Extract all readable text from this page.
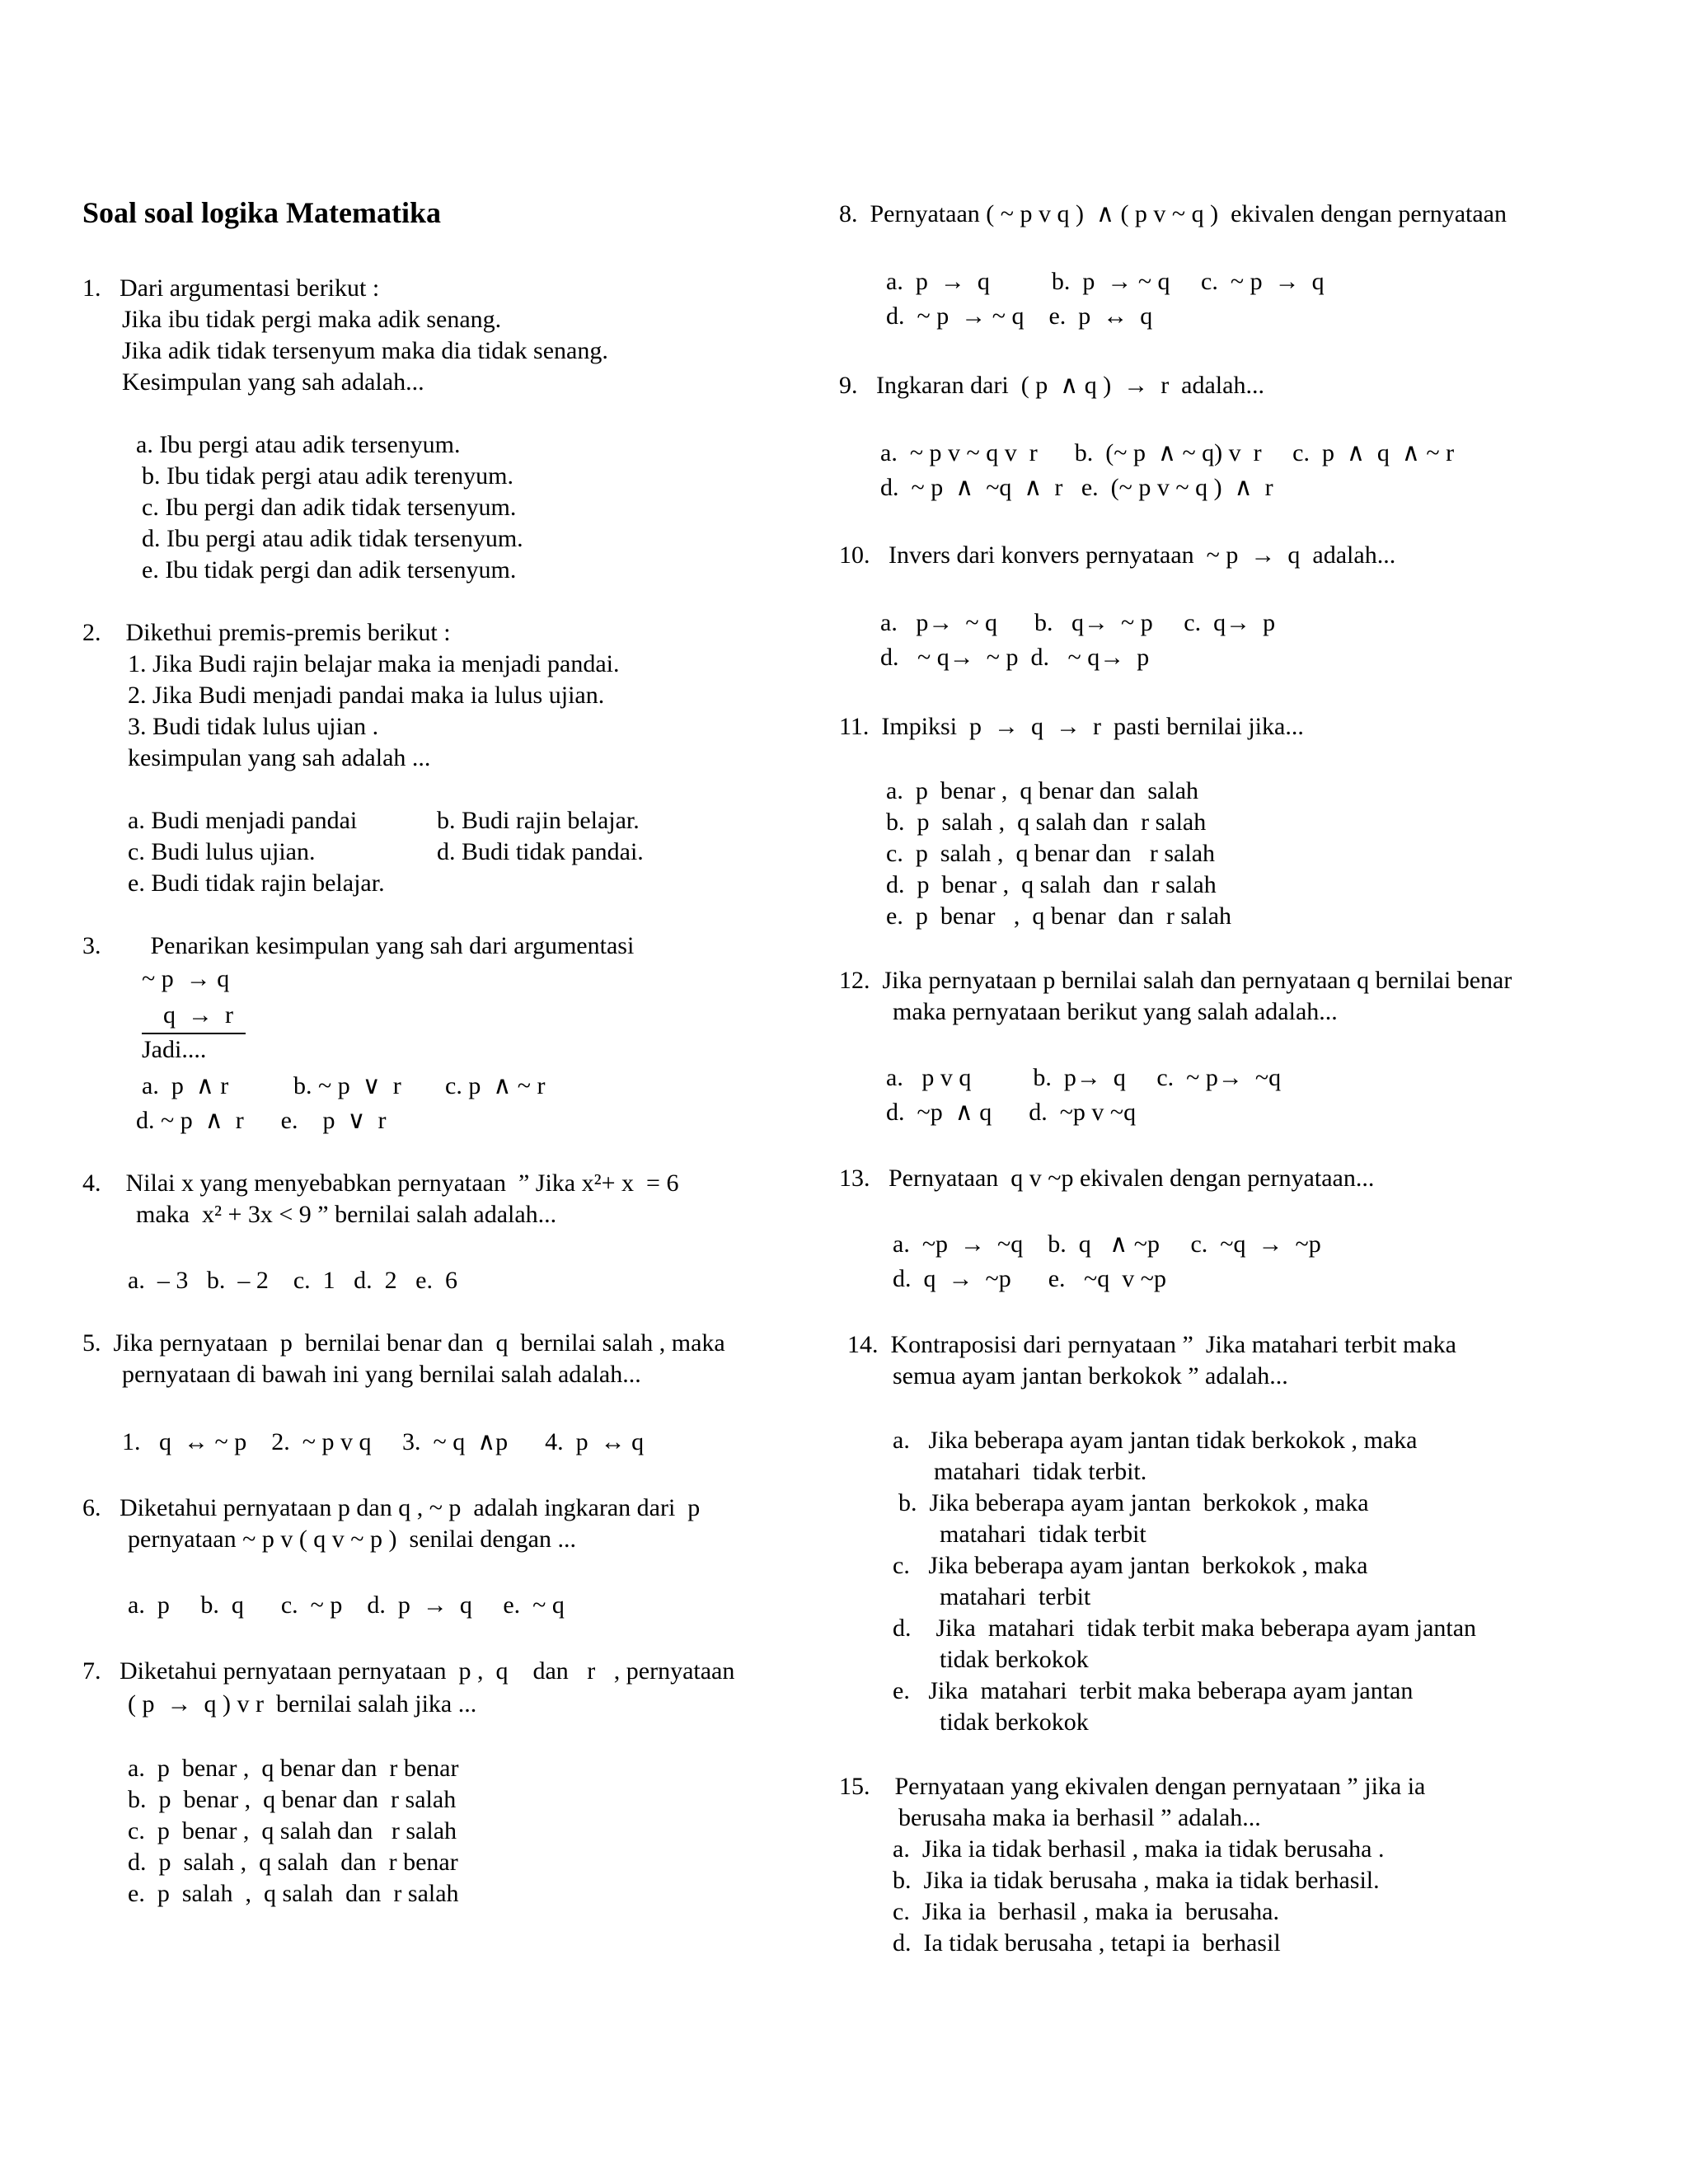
Soal soal logika Matematika
1.   Dari argumentasi berikut :
Jika ibu tidak pergi maka adik senang.
Jika adik tidak tersenyum maka dia tidak senang.
Kesimpulan yang sah adalah...
a. Ibu pergi atau adik tersenyum.
b. Ibu tidak pergi atau adik terenyum.
c. Ibu pergi dan adik tidak tersenyum.
d. Ibu pergi atau adik tidak tersenyum.
e. Ibu tidak pergi dan adik tersenyum.
2.    Dikethui premis-premis berikut :
1. Jika Budi rajin belajar maka ia menjadi pandai.
2. Jika Budi menjadi pandai maka ia lulus ujian.
3. Budi tidak lulus ujian .
kesimpulan yang sah adalah ...
a. Budi menjadi pandai	b. Budi rajin belajar.
c. Budi lulus ujian.	d. Budi tidak pandai.
e. Budi tidak rajin belajar.
3.        Penarikan kesimpulan yang sah dari argumentasi
~ p  → q
q  →  r
Jadi....
a.  p  ∧ r	b. ~ p  ∨  r c. p  ∧ ~ r
d. ~ p  ∧  r      e.    p  ∨  r
4.    Nilai x yang menyebabkan pernyataan  ” Jika x²+ x  = 6
maka  x² + 3x < 9 ” bernilai salah adalah...
a.  – 3   b.  – 2    c.  1   d.  2   e.  6
5.  Jika pernyataan  p  bernilai benar dan  q  bernilai salah , maka
pernyataan di bawah ini yang bernilai salah adalah...
1.   q  ↔ ~ p    2.  ~ p v q     3.  ~ q  ∧p      4.  p  ↔ q
6.   Diketahui pernyataan p dan q , ~ p  adalah ingkaran dari  p
pernyataan ~ p v ( q v ~ p )  senilai dengan ...
a.  p     b.  q      c.  ~ p    d.  p  →  q     e.  ~ q
7.   Diketahui pernyataan pernyataan  p ,  q    dan   r   , pernyataan
( p  →  q ) v r  bernilai salah jika ...
a.  p  benar ,  q benar dan  r benar
b.  p  benar ,  q benar dan  r salah
c.  p  benar ,  q salah dan   r salah
d.  p  salah ,  q salah  dan  r benar
e.  p  salah  ,  q salah  dan  r salah
8.  Pernyataan ( ~ p v q )  ∧ ( p v ~ q )  ekivalen dengan pernyataan
a.  p  →  q          b.  p  → ~ q     c.  ~ p  →  q
d.  ~ p  → ~ q    e.  p  ↔  q
9.   Ingkaran dari  ( p  ∧ q )  →  r  adalah...
a.  ~ p v ~ q v  r      b.  (~ p  ∧ ~ q) v  r     c.  p  ∧  q  ∧ ~ r
d.  ~ p  ∧  ~q  ∧  r   e.  (~ p v ~ q )  ∧  r
10.   Invers dari konvers pernyataan  ~ p  →  q  adalah...
a.   p→  ~ q      b.   q→  ~ p     c.  q→  p
d.   ~ q→  ~ p  d.   ~ q→  p
11.  Impiksi  p  →  q  →  r  pasti bernilai jika...
a.  p  benar ,  q benar dan  salah
b.  p  salah ,  q salah dan  r salah
c.  p  salah ,  q benar dan   r salah
d.  p  benar ,  q salah  dan  r salah
e.  p  benar   ,  q benar  dan  r salah
12.  Jika pernyataan p bernilai salah dan pernyataan q bernilai benar
maka pernyataan berikut yang salah adalah...
a.   p v q          b.  p→  q     c.  ~ p→  ~q
d.  ~p  ∧ q      d.  ~p v ~q
13.   Pernyataan  q v ~p ekivalen dengan pernyataan...
a.  ~p  →  ~q    b.  q   ∧ ~p     c.  ~q  →  ~p
d.  q  →  ~p      e.   ~q  v ~p
14.  Kontraposisi dari pernyataan ”  Jika matahari terbit maka
semua ayam jantan berkokok ” adalah...
a.   Jika beberapa ayam jantan tidak berkokok , maka
matahari  tidak terbit.
b.  Jika beberapa ayam jantan  berkokok , maka
matahari  tidak terbit
c.   Jika beberapa ayam jantan  berkokok , maka
matahari  terbit
d.    Jika  matahari  tidak terbit maka beberapa ayam jantan
tidak berkokok
e.   Jika  matahari  terbit maka beberapa ayam jantan
tidak berkokok
15.    Pernyataan yang ekivalen dengan pernyataan ” jika ia
berusaha maka ia berhasil ” adalah...
a.  Jika ia tidak berhasil , maka ia tidak berusaha .
b.  Jika ia tidak berusaha , maka ia tidak berhasil.
c.  Jika ia  berhasil , maka ia  berusaha.
d.  Ia tidak berusaha , tetapi ia  berhasil
